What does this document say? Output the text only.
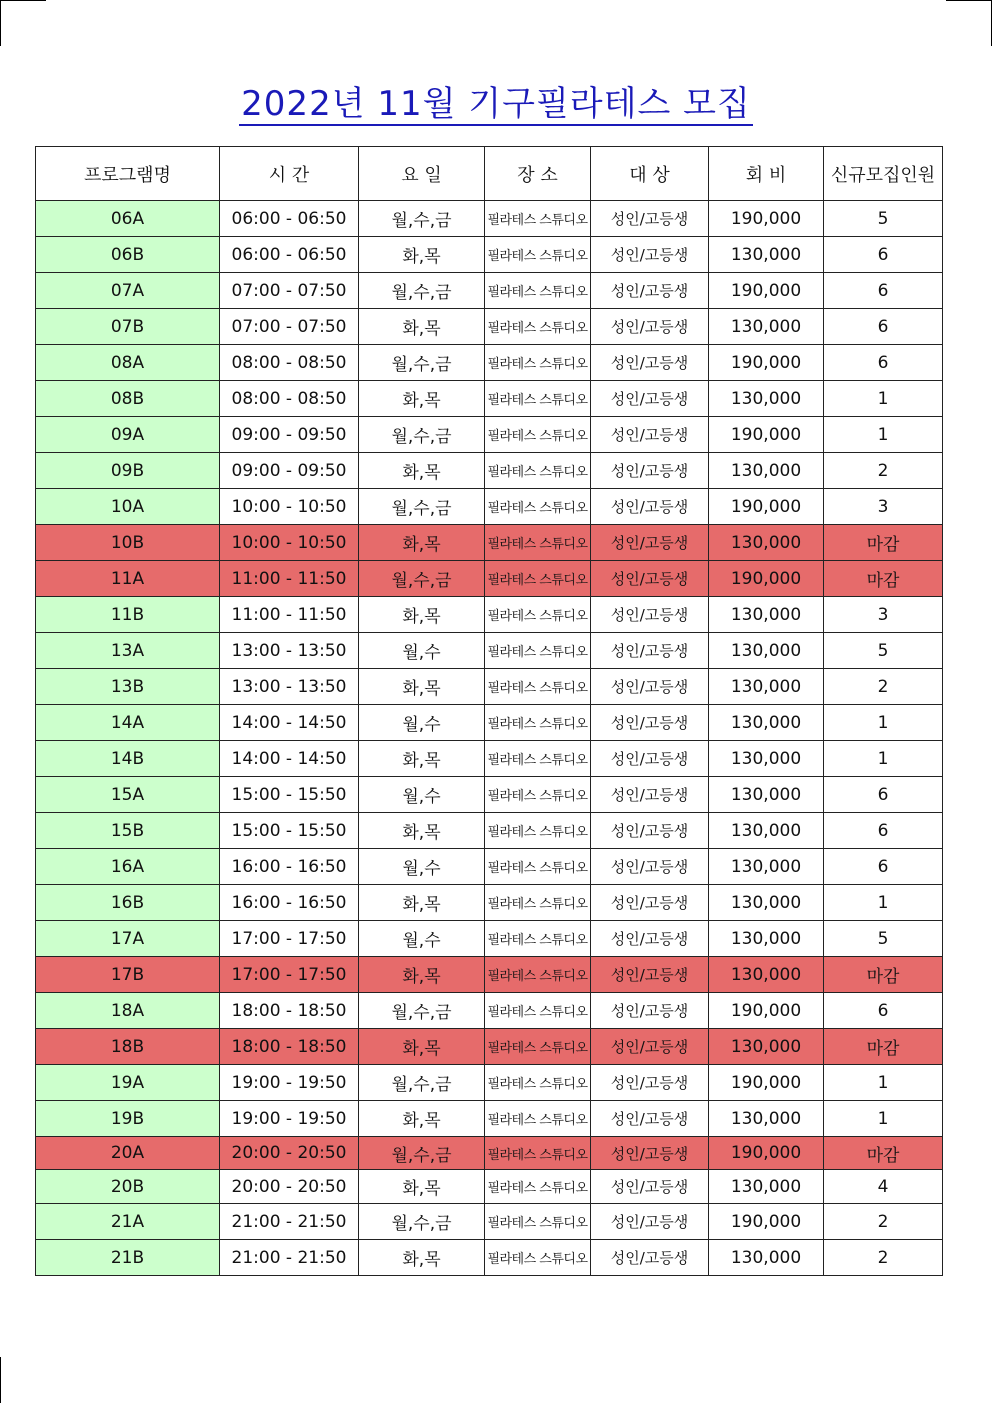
2022년 11월 기구필라테스 모집
프로그램명	시 간	요 일	장 소	대 상	회 비	신규모집인원
06A	06:00 - 06:50	월,수,금	필라테스 스튜디오	성인/고등생	190,000	5
06B	06:00 - 06:50	화,목	필라테스 스튜디오	성인/고등생	130,000	6
07A	07:00 - 07:50	월,수,금	필라테스 스튜디오	성인/고등생	190,000	6
07B	07:00 - 07:50	화,목	필라테스 스튜디오	성인/고등생	130,000	6
08A	08:00 - 08:50	월,수,금	필라테스 스튜디오	성인/고등생	190,000	6
08B	08:00 - 08:50	화,목	필라테스 스튜디오	성인/고등생	130,000	1
09A	09:00 - 09:50	월,수,금	필라테스 스튜디오	성인/고등생	190,000	1
09B	09:00 - 09:50	화,목	필라테스 스튜디오	성인/고등생	130,000	2
10A	10:00 - 10:50	월,수,금	필라테스 스튜디오	성인/고등생	190,000	3
10B	10:00 - 10:50	화,목	필라테스 스튜디오	성인/고등생	130,000	마감
11A	11:00 - 11:50	월,수,금	필라테스 스튜디오	성인/고등생	190,000	마감
11B	11:00 - 11:50	화,목	필라테스 스튜디오	성인/고등생	130,000	3
13A	13:00 - 13:50	월,수	필라테스 스튜디오	성인/고등생	130,000	5
13B	13:00 - 13:50	화,목	필라테스 스튜디오	성인/고등생	130,000	2
14A	14:00 - 14:50	월,수	필라테스 스튜디오	성인/고등생	130,000	1
14B	14:00 - 14:50	화,목	필라테스 스튜디오	성인/고등생	130,000	1
15A	15:00 - 15:50	월,수	필라테스 스튜디오	성인/고등생	130,000	6
15B	15:00 - 15:50	화,목	필라테스 스튜디오	성인/고등생	130,000	6
16A	16:00 - 16:50	월,수	필라테스 스튜디오	성인/고등생	130,000	6
16B	16:00 - 16:50	화,목	필라테스 스튜디오	성인/고등생	130,000	1
17A	17:00 - 17:50	월,수	필라테스 스튜디오	성인/고등생	130,000	5
17B	17:00 - 17:50	화,목	필라테스 스튜디오	성인/고등생	130,000	마감
18A	18:00 - 18:50	월,수,금	필라테스 스튜디오	성인/고등생	190,000	6
18B	18:00 - 18:50	화,목	필라테스 스튜디오	성인/고등생	130,000	마감
19A	19:00 - 19:50	월,수,금	필라테스 스튜디오	성인/고등생	190,000	1
19B	19:00 - 19:50	화,목	필라테스 스튜디오	성인/고등생	130,000	1
20A	20:00 - 20:50	월,수,금	필라테스 스튜디오	성인/고등생	190,000	마감
20B	20:00 - 20:50	화,목	필라테스 스튜디오	성인/고등생	130,000	4
21A	21:00 - 21:50	월,수,금	필라테스 스튜디오	성인/고등생	190,000	2
21B	21:00 - 21:50	화,목	필라테스 스튜디오	성인/고등생	130,000	2
